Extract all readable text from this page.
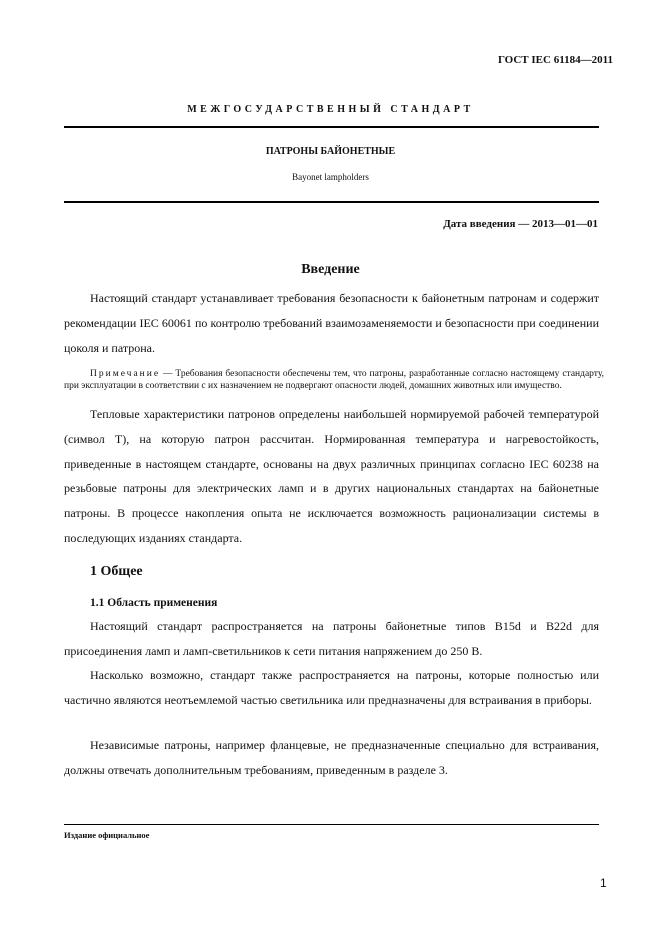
ГОСТ IEC 61184—2011
МЕЖГОСУДАРСТВЕННЫЙ СТАНДАРТ
ПАТРОНЫ БАЙОНЕТНЫЕ
Bayonet lampholders
Дата введения — 2013—01—01
Введение

Настоящий стандарт устанавливает требования безопасности к байонетным патронам и содержит рекомендации IEC 60061 по контролю требований взаимозаменяемости и безопасности при соединении цоколя и патрона.

Примечание — Требования безопасности обеспечены тем, что патроны, разработанные согласно настоящему стандарту, при эксплуатации в соответствии с их назначением не подвергают опасности людей, домашних животных или имущество.

Тепловые характеристики патронов определены наибольшей нормируемой рабочей температурой (символ T), на которую патрон рассчитан. Нормированная температура и нагревостойкость, приведенные в настоящем стандарте, основаны на двух различных принципах согласно IEC 60238 на резьбовые патроны для электрических ламп и в других национальных стандартах на байонетные патроны. В процессе накопления опыта не исключается возможность рационализации системы в последующих изданиях стандарта.

1 Общее
1.1 Область применения

Настоящий стандарт распространяется на патроны байонетные типов B15d и B22d для присоединения ламп и ламп-светильников к сети питания напряжением до 250 В.

Насколько возможно, стандарт также распространяется на патроны, которые полностью или частично являются неотъемлемой частью светильника или предназначены для встраивания в приборы.

Независимые патроны, например фланцевые, не предназначенные специально для встраивания, должны отвечать дополнительным требованиям, приведенным в разделе 3.

Издание официальное
1
